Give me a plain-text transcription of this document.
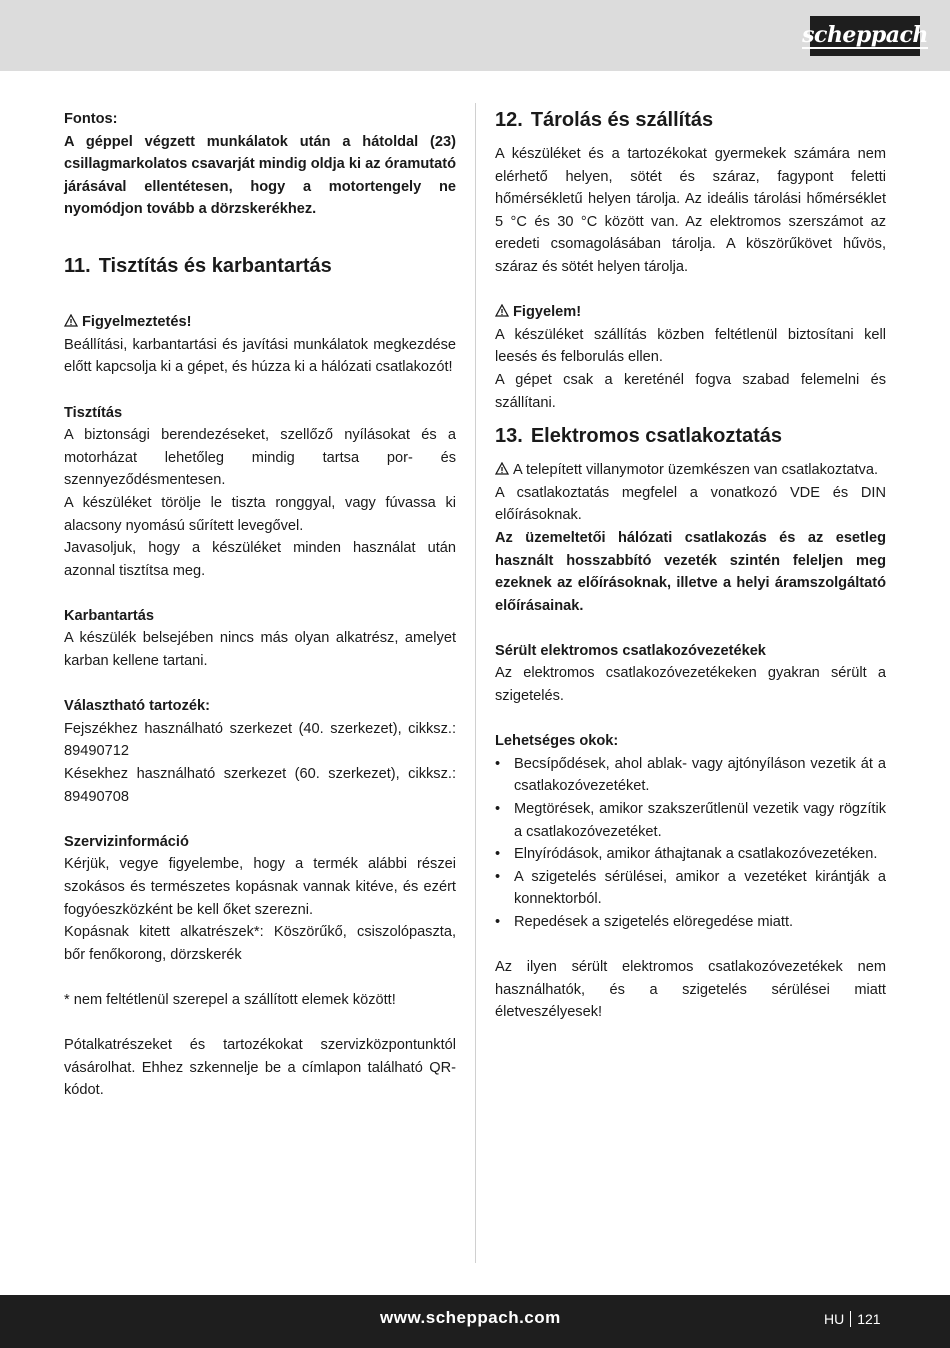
scheppach

Fontos:

A géppel végzett munkálatok után a hátoldal (23) csillagmarkolatos csavarját mindig oldja ki az óramutató járásával ellentétesen, hogy a motortengely ne nyomódjon tovább a dörzskerékhez.

11. Tisztítás és karbantartás

Figyelmeztetés!

Beállítási, karbantartási és javítási munkálatok megkezdése előtt kapcsolja ki a gépet, és húzza ki a hálózati csatlakozót!

Tisztítás

A biztonsági berendezéseket, szellőző nyílásokat és a motorházat lehetőleg mindig tartsa por- és szennyeződésmentesen.

A készüléket törölje le tiszta ronggyal, vagy fúvassa ki alacsony nyomású sűrített levegővel.

Javasoljuk, hogy a készüléket minden használat után azonnal tisztítsa meg.

Karbantartás

A készülék belsejében nincs más olyan alkatrész, amelyet karban kellene tartani.

Választható tartozék:

Fejszékhez használható szerkezet (40. szerkezet), cikksz.: 89490712

Késekhez használható szerkezet (60. szerkezet), cikksz.: 89490708

Szervizinformáció

Kérjük, vegye figyelembe, hogy a termék alábbi részei szokásos és természetes kopásnak vannak kitéve, és ezért fogyóeszközként be kell őket szerezni.

Kopásnak kitett alkatrészek*: Köszörűkő, csiszolópaszta, bőr fenőkorong, dörzskerék

* nem feltétlenül szerepel a szállított elemek között!

Pótalkatrészeket és tartozékokat szervizközpontunktól vásárolhat. Ehhez szkennelje be a címlapon található QR-kódot.

12. Tárolás és szállítás

A készüléket és a tartozékokat gyermekek számára nem elérhető helyen, sötét és száraz, fagypont feletti hőmérsékletű helyen tárolja. Az ideális tárolási hőmérséklet 5 °C és 30 °C között van. Az elektromos szerszámot az eredeti csomagolásában tárolja. A köszörűkövet hűvös, száraz és sötét helyen tárolja.

Figyelem!

A készüléket szállítás közben feltétlenül biztosítani kell leesés és felborulás ellen.

A gépet csak a kereténél fogva szabad felemelni és szállítani.

13. Elektromos csatlakoztatás

A telepített villanymotor üzemkészen van csatlakoztatva.

A csatlakoztatás megfelel a vonatkozó VDE és DIN előírásoknak.

Az üzemeltetői hálózati csatlakozás és az esetleg használt hosszabbító vezeték szintén feleljen meg ezeknek az előírásoknak, illetve a helyi áramszolgáltató előírásainak.

Sérült elektromos csatlakozóvezetékek

Az elektromos csatlakozóvezetékeken gyakran sérült a szigetelés.

Lehetséges okok:

• Becsípődések, ahol ablak- vagy ajtónyíláson vezetik át a csatlakozóvezetéket.
• Megtörések, amikor szakszerűtlenül vezetik vagy rögzítik a csatlakozóvezetéket.
• Elnyíródások, amikor áthajtanak a csatlakozóvezetéken.
• A szigetelés sérülései, amikor a vezetéket kirántják a konnektorból.
• Repedések a szigetelés elöregedése miatt.

Az ilyen sérült elektromos csatlakozóvezetékek nem használhatók, és a szigetelés sérülései miatt életveszélyesek!

www.scheppach.com	HU 121
